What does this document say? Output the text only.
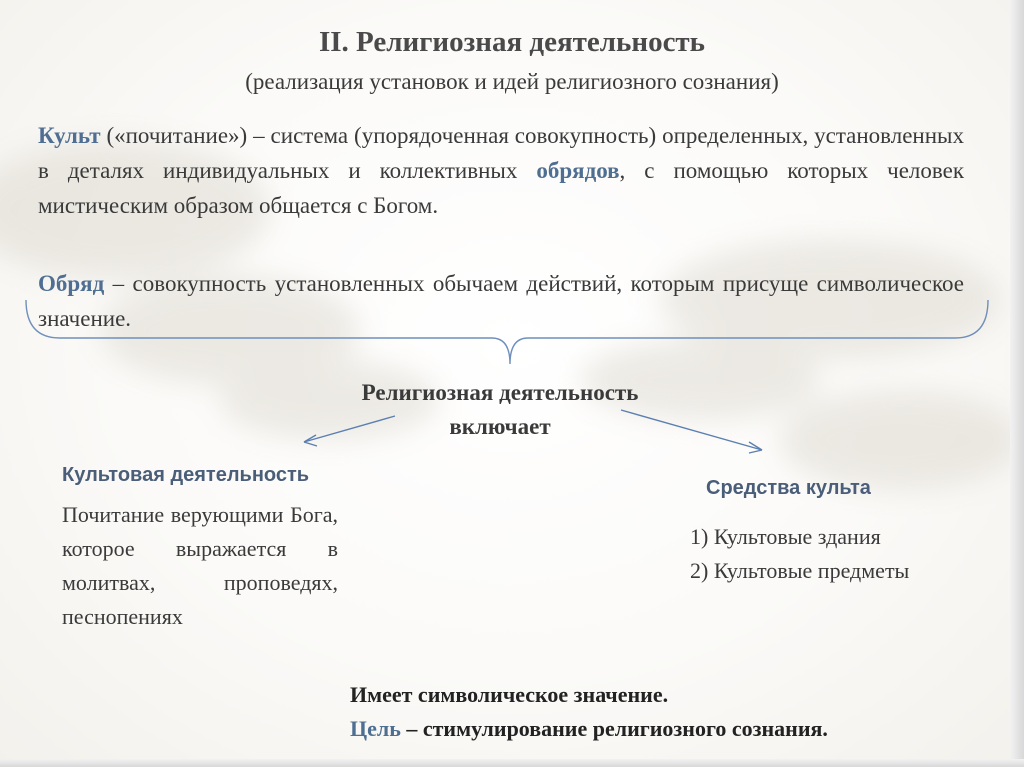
II. Религиозная деятельность
(реализация установок и идей религиозного сознания)
Культ («почитание») – система (упорядоченная совокупность) определенных, установленных в деталях индивидуальных и коллективных обрядов, с помощью которых человек мистическим образом общается с Богом.
Обряд – совокупность установленных обычаем действий, которым присуще символическое значение.
Религиозная деятельность
включает
Культовая деятельность
Почитание верующими Бога, которое выражается в молитвах, проповедях, песнопениях
Средства культа
1) Культовые здания
2) Культовые предметы
Имеет символическое значение.
Цель – стимулирование религиозного сознания.
